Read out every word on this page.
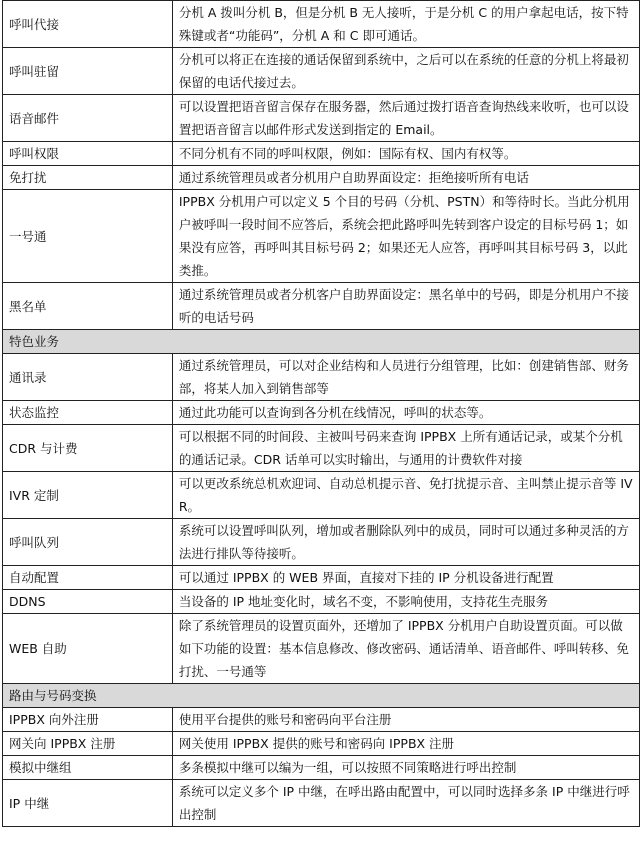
呼叫代接	分机 A 拨叫分机 B，但是分机 B 无人接听，于是分机 C 的用户拿起电话，按下特殊键或者“功能码”，分机 A 和 C 即可通话。
呼叫驻留	分机可以将正在连接的通话保留到系统中，之后可以在系统的任意的分机上将最初保留的电话代接过去。
语音邮件	可以设置把语音留言保存在服务器，然后通过拨打语音查询热线来收听，也可以设置把语音留言以邮件形式发送到指定的 Email。
呼叫权限	不同分机有不同的呼叫权限，例如：国际有权、国内有权等。
免打扰	通过系统管理员或者分机用户自助界面设定：拒绝接听所有电话
一号通	IPPBX 分机用户可以定义 5 个目的号码（分机、PSTN）和等待时长。当此分机用户被呼叫一段时间不应答后，系统会把此路呼叫先转到客户设定的目标号码 1；如果没有应答，再呼叫其目标号码 2；如果还无人应答，再呼叫其目标号码 3，以此类推。
黑名单	通过系统管理员或者分机客户自助界面设定：黑名单中的号码，即是分机用户不接听的电话号码
特色业务	
通讯录	通过系统管理员，可以对企业结构和人员进行分组管理，比如：创建销售部、财务部，将某人加入到销售部等
状态监控	通过此功能可以查询到各分机在线情况，呼叫的状态等。
CDR 与计费	可以根据不同的时间段、主被叫号码来查询 IPPBX 上所有通话记录，或某个分机的通话记录。CDR 话单可以实时输出，与通用的计费软件对接
IVR 定制	可以更改系统总机欢迎词、自动总机提示音、免打扰提示音、主叫禁止提示音等 IVR。
呼叫队列	系统可以设置呼叫队列，增加或者删除队列中的成员，同时可以通过多种灵活的方法进行排队等待接听。
自动配置	可以通过 IPPBX 的 WEB 界面，直接对下挂的 IP 分机设备进行配置
DDNS	当设备的 IP 地址变化时，域名不变，不影响使用，支持花生壳服务
WEB 自助	除了系统管理员的设置页面外，还增加了 IPPBX 分机用户自助设置页面。可以做如下功能的设置：基本信息修改、修改密码、通话清单、语音邮件、呼叫转移、免打扰、一号通等
路由与号码变换	
IPPBX 向外注册	使用平台提供的账号和密码向平台注册
网关向 IPPBX 注册	网关使用 IPPBX 提供的账号和密码向 IPPBX 注册
模拟中继组	多条模拟中继可以编为一组，可以按照不同策略进行呼出控制
IP 中继	系统可以定义多个 IP 中继，在呼出路由配置中，可以同时选择多条 IP 中继进行呼出控制
